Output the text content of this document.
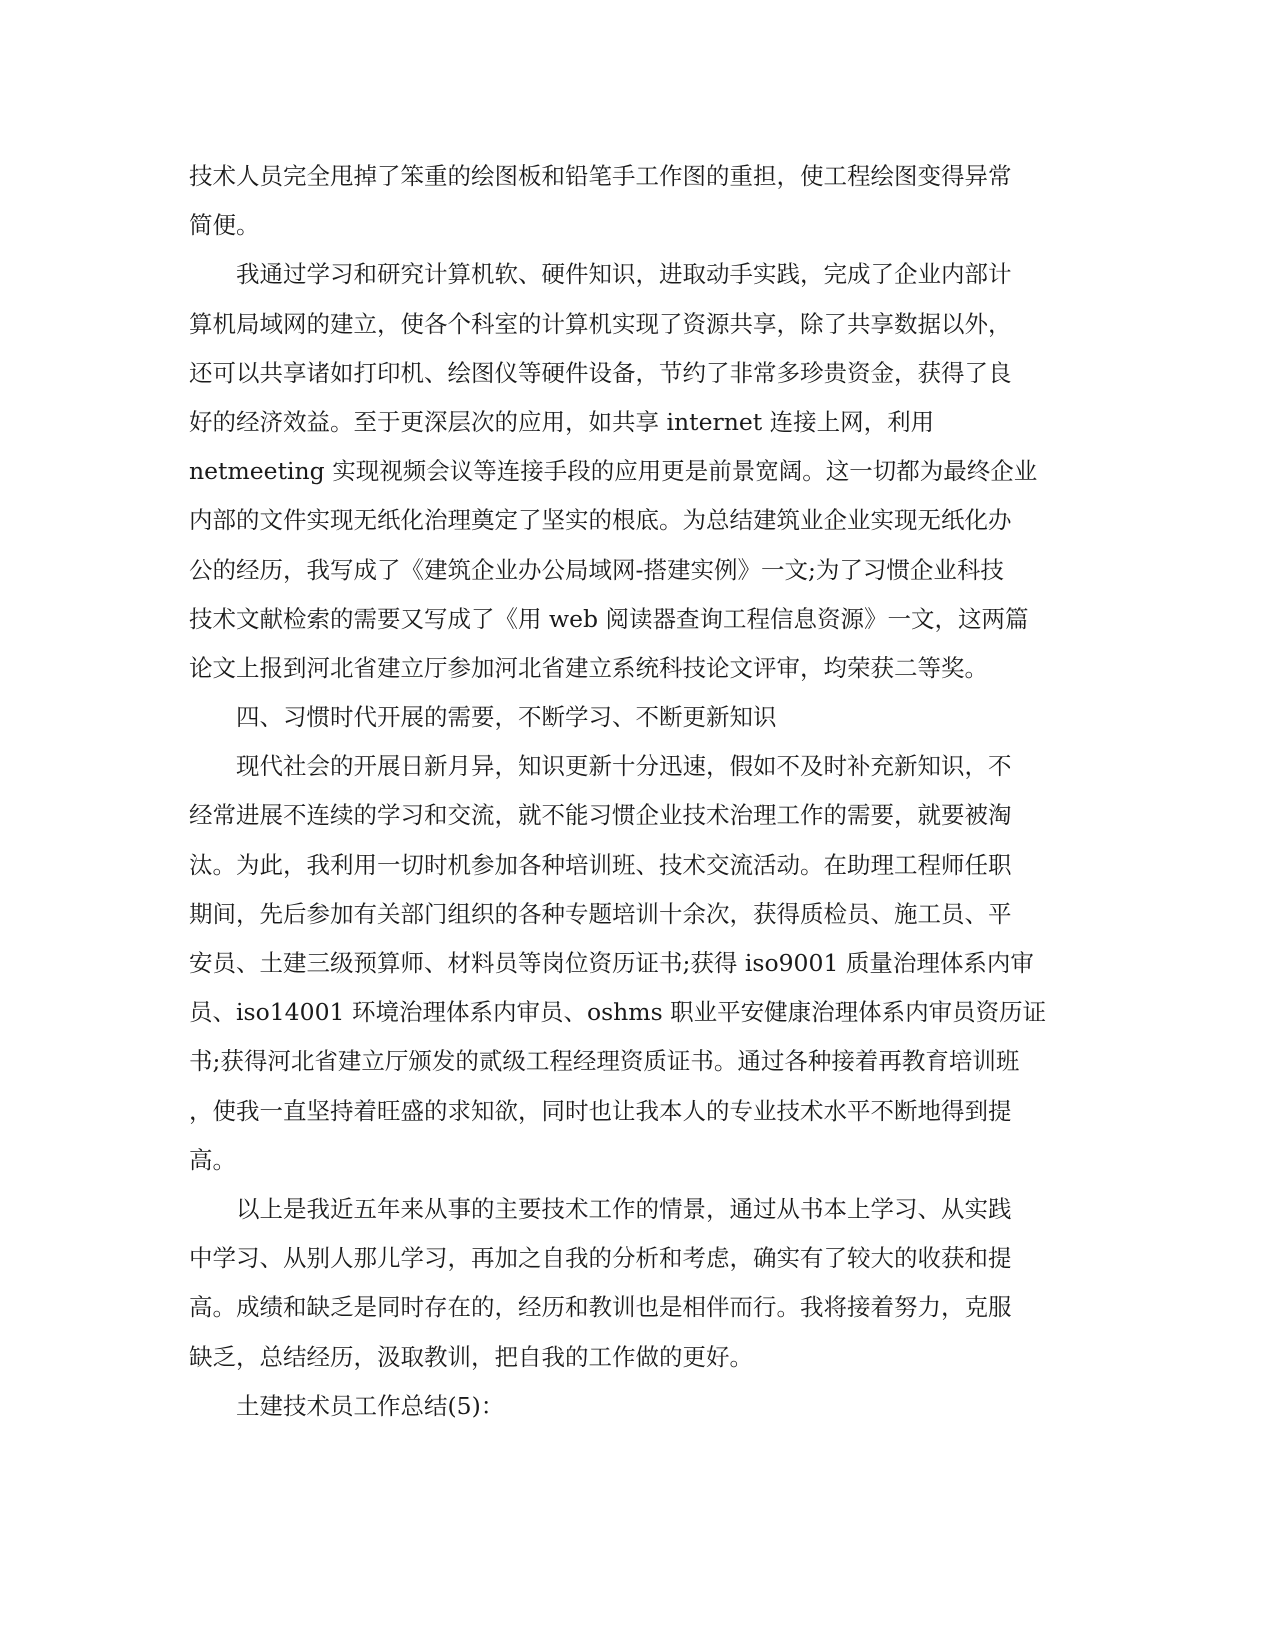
技术人员完全甩掉了笨重的绘图板和铅笔手工作图的重担，使工程绘图变得异常
简便。
我通过学习和研究计算机软、硬件知识，进取动手实践，完成了企业内部计
算机局域网的建立，使各个科室的计算机实现了资源共享，除了共享数据以外，
还可以共享诸如打印机、绘图仪等硬件设备，节约了非常多珍贵资金，获得了良
好的经济效益。至于更深层次的应用，如共享 internet 连接上网，利用
netmeeting 实现视频会议等连接手段的应用更是前景宽阔。这一切都为最终企业
内部的文件实现无纸化治理奠定了坚实的根底。为总结建筑业企业实现无纸化办
公的经历，我写成了《建筑企业办公局域网-搭建实例》一文;为了习惯企业科技
技术文献检索的需要又写成了《用 web 阅读器查询工程信息资源》一文，这两篇
论文上报到河北省建立厅参加河北省建立系统科技论文评审，均荣获二等奖。
四、习惯时代开展的需要，不断学习、不断更新知识
现代社会的开展日新月异，知识更新十分迅速，假如不及时补充新知识，不
经常进展不连续的学习和交流，就不能习惯企业技术治理工作的需要，就要被淘
汰。为此，我利用一切时机参加各种培训班、技术交流活动。在助理工程师任职
期间，先后参加有关部门组织的各种专题培训十余次，获得质检员、施工员、平
安员、土建三级预算师、材料员等岗位资历证书;获得 iso9001 质量治理体系内审
员、iso14001 环境治理体系内审员、oshms 职业平安健康治理体系内审员资历证
书;获得河北省建立厅颁发的贰级工程经理资质证书。通过各种接着再教育培训班
，使我一直坚持着旺盛的求知欲，同时也让我本人的专业技术水平不断地得到提
高。
以上是我近五年来从事的主要技术工作的情景，通过从书本上学习、从实践
中学习、从别人那儿学习，再加之自我的分析和考虑，确实有了较大的收获和提
高。成绩和缺乏是同时存在的，经历和教训也是相伴而行。我将接着努力，克服
缺乏，总结经历，汲取教训，把自我的工作做的更好。
土建技术员工作总结(5)：
